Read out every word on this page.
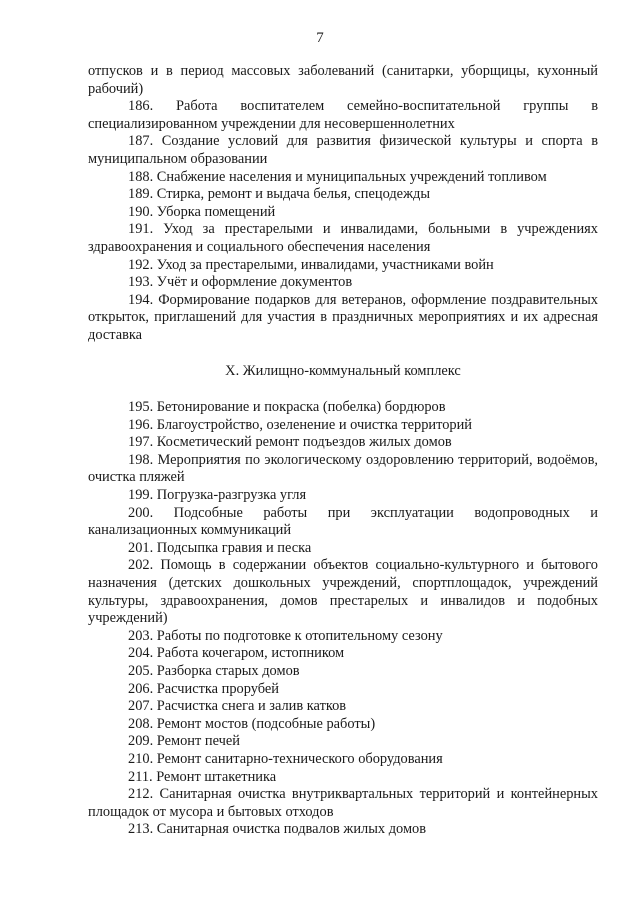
7
отпусков и в период массовых заболеваний (санитарки, уборщицы, кухонный рабочий)
186. Работа воспитателем семейно-воспитательной группы в специализированном учреждении для несовершеннолетних
187. Создание условий для развития физической культуры и спорта в муниципальном образовании
188. Снабжение населения и муниципальных учреждений топливом
189. Стирка, ремонт и выдача белья, спецодежды
190. Уборка помещений
191. Уход за престарелыми и инвалидами, больными в учреждениях здравоохранения и социального обеспечения населения
192. Уход за престарелыми, инвалидами, участниками войн
193. Учёт и оформление документов
194. Формирование подарков для ветеранов, оформление поздравительных открыток, приглашений для участия в праздничных мероприятиях и их адресная доставка
X. Жилищно-коммунальный комплекс
195. Бетонирование и покраска (побелка) бордюров
196. Благоустройство, озеленение и очистка территорий
197. Косметический ремонт подъездов жилых домов
198. Мероприятия по экологическому оздоровлению территорий, водоёмов, очистка пляжей
199. Погрузка-разгрузка угля
200. Подсобные работы при эксплуатации водопроводных и канализационных коммуникаций
201. Подсыпка гравия и песка
202. Помощь в содержании объектов социально-культурного и бытового назначения (детских дошкольных учреждений, спортплощадок, учреждений культуры, здравоохранения, домов престарелых и инвалидов и подобных учреждений)
203. Работы по подготовке к отопительному сезону
204. Работа кочегаром, истопником
205. Разборка старых домов
206. Расчистка прорубей
207. Расчистка снега и залив катков
208. Ремонт мостов (подсобные работы)
209. Ремонт печей
210. Ремонт санитарно-технического оборудования
211. Ремонт штакетника
212. Санитарная очистка внутриквартальных территорий и контейнерных площадок от мусора и бытовых отходов
213. Санитарная очистка подвалов жилых домов
